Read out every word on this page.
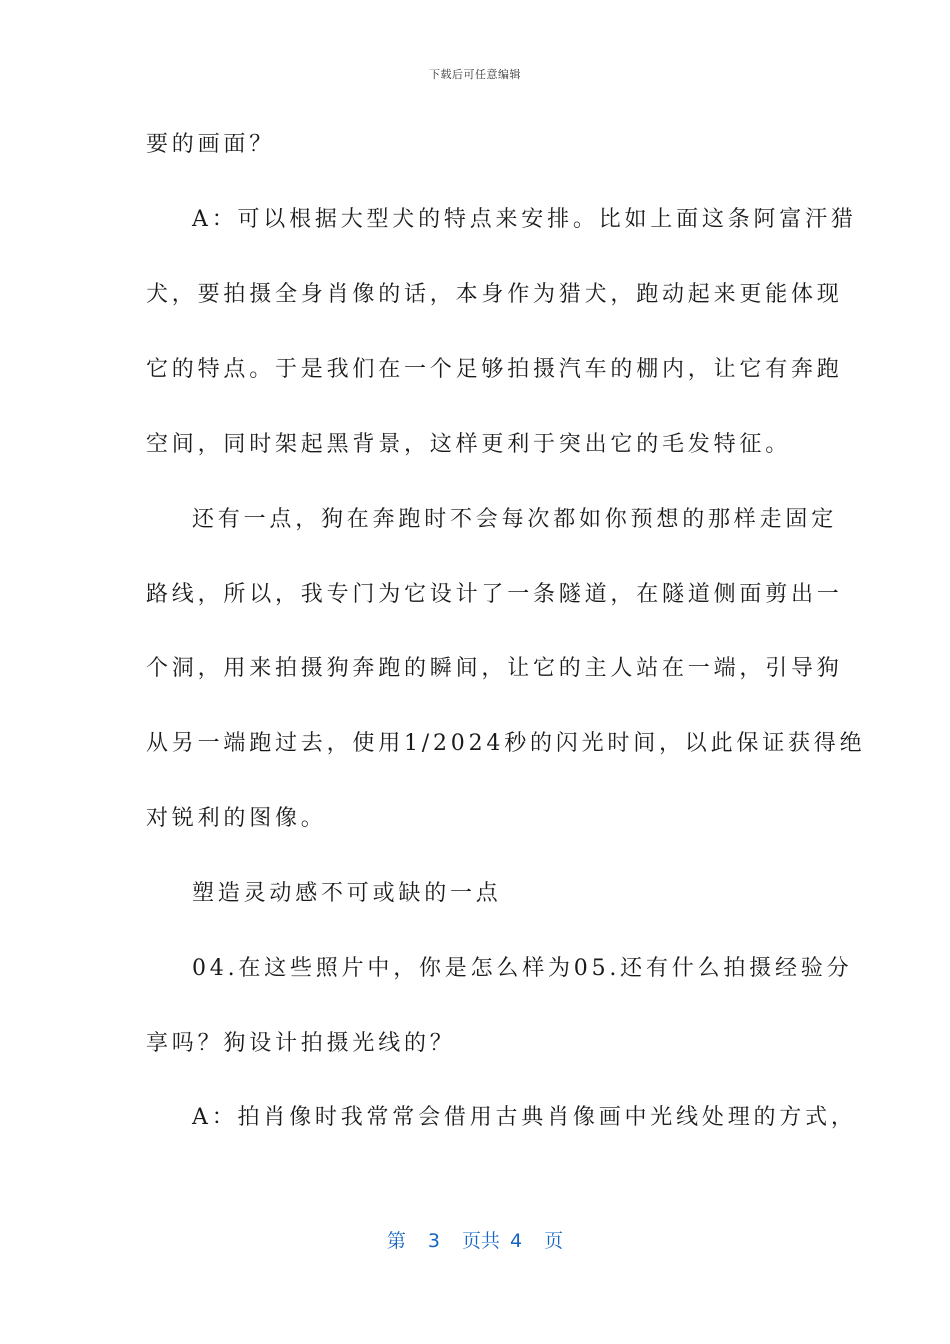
下载后可任意编辑
要的画面？
A：可以根据大型犬的特点来安排。比如上面这条阿富汗猎
犬，要拍摄全身肖像的话，本身作为猎犬，跑动起来更能体现
它的特点。于是我们在一个足够拍摄汽车的棚内，让它有奔跑
空间，同时架起黑背景，这样更利于突出它的毛发特征。
还有一点，狗在奔跑时不会每次都如你预想的那样走固定
路线，所以，我专门为它设计了一条隧道，在隧道侧面剪出一
个洞，用来拍摄狗奔跑的瞬间，让它的主人站在一端，引导狗
从另一端跑过去，使用1/2024秒的闪光时间，以此保证获得绝
对锐利的图像。
塑造灵动感不可或缺的一点
04.在这些照片中，你是怎么样为05.还有什么拍摄经验分
享吗？狗设计拍摄光线的？
A：拍肖像时我常常会借用古典肖像画中光线处理的方式，
第 3 页共 4 页
